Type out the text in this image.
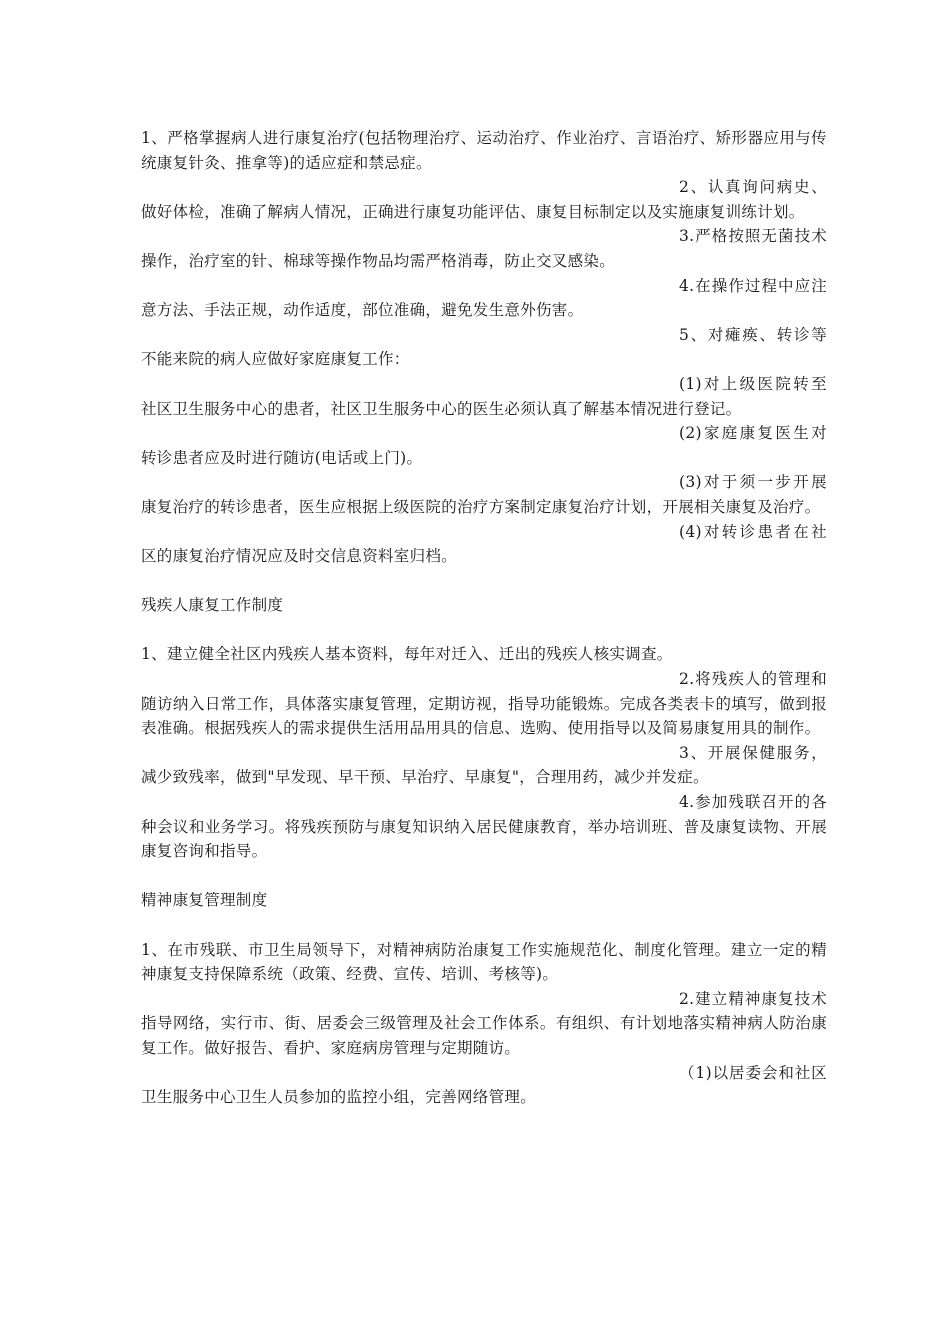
1、严格掌握病人进行康复治疗(包括物理治疗、运动治疗、作业治疗、言语治疗、矫形器应用与传统康复针灸、推拿等)的适应症和禁忌症。

2、认真询问病史、做好体检，准确了解病人情况，正确进行康复功能评估、康复目标制定以及实施康复训练计划。

3.严格按照无菌技术操作，治疗室的针、棉球等操作物品均需严格消毒，防止交叉感染。

4.在操作过程中应注意方法、手法正规，动作适度，部位准确，避免发生意外伤害。

5、对瘫痪、转诊等不能来院的病人应做好家庭康复工作：

(1)对上级医院转至社区卫生服务中心的患者，社区卫生服务中心的医生必须认真了解基本情况进行登记。

(2)家庭康复医生对转诊患者应及时进行随访(电话或上门)。

(3)对于须一步开展康复治疗的转诊患者，医生应根据上级医院的治疗方案制定康复治疗计划，开展相关康复及治疗。

(4)对转诊患者在社区的康复治疗情况应及时交信息资料室归档。

残疾人康复工作制度

1、建立健全社区内残疾人基本资料，每年对迁入、迁出的残疾人核实调查。

2.将残疾人的管理和随访纳入日常工作，具体落实康复管理，定期访视，指导功能锻炼。完成各类表卡的填写，做到报表准确。根据残疾人的需求提供生活用品用具的信息、选购、使用指导以及简易康复用具的制作。

3、开展保健服务，减少致残率，做到"早发现、早干预、早治疗、早康复"，合理用药，减少并发症。

4.参加残联召开的各种会议和业务学习。将残疾预防与康复知识纳入居民健康教育，举办培训班、普及康复读物、开展康复咨询和指导。

精神康复管理制度

1、在市残联、市卫生局领导下，对精神病防治康复工作实施规范化、制度化管理。建立一定的精神康复支持保障系统（政策、经费、宣传、培训、考核等)。

2.建立精神康复技术指导网络，实行市、街、居委会三级管理及社会工作体系。有组织、有计划地落实精神病人防治康复工作。做好报告、看护、家庭病房管理与定期随访。

（1)以居委会和社区卫生服务中心卫生人员参加的监控小组，完善网络管理。
